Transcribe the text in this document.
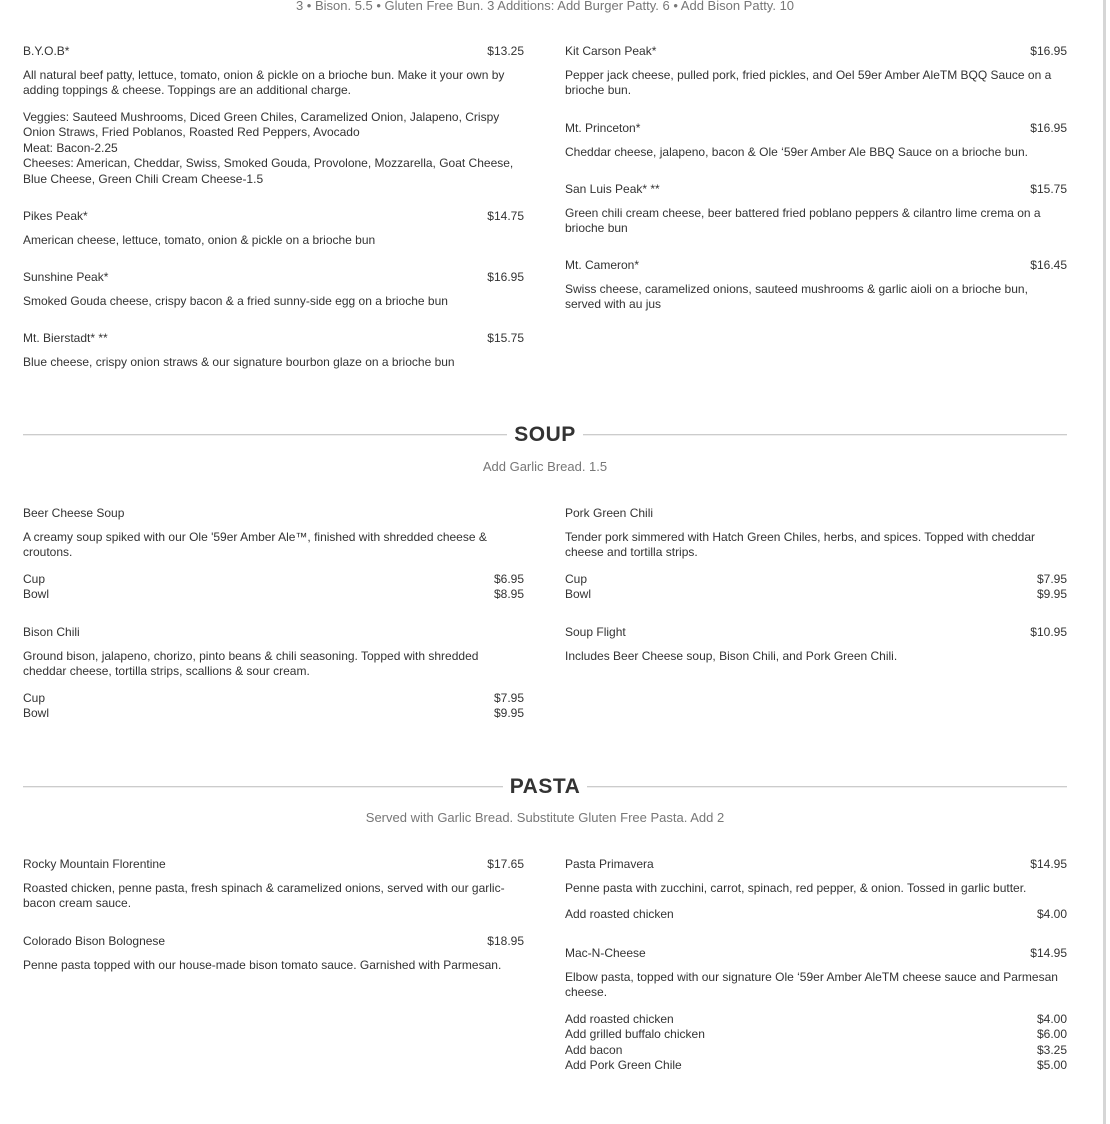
3 • Bison. 5.5 • Gluten Free Bun. 3 Additions: Add Burger Patty. 6 • Add Bison Patty. 10
B.Y.O.B*	$13.25
All natural beef patty, lettuce, tomato, onion & pickle on a brioche bun. Make it your own by adding toppings & cheese. Toppings are an additional charge.
Veggies: Sauteed Mushrooms, Diced Green Chiles, Caramelized Onion, Jalapeno, Crispy Onion Straws, Fried Poblanos, Roasted Red Peppers, Avocado
Meat: Bacon-2.25
Cheeses: American, Cheddar, Swiss, Smoked Gouda, Provolone, Mozzarella, Goat Cheese, Blue Cheese, Green Chili Cream Cheese-1.5
Pikes Peak*	$14.75
American cheese, lettuce, tomato, onion & pickle on a brioche bun
Sunshine Peak*	$16.95
Smoked Gouda cheese, crispy bacon & a fried sunny-side egg on a brioche bun
Mt. Bierstadt* **	$15.75
Blue cheese, crispy onion straws & our signature bourbon glaze on a brioche bun
Kit Carson Peak*	$16.95
Pepper jack cheese, pulled pork, fried pickles, and Oel 59er Amber AleTM BQQ Sauce on a brioche bun.
Mt. Princeton*	$16.95
Cheddar cheese, jalapeno, bacon & Ole ‘59er Amber Ale BBQ Sauce on a brioche bun.
San Luis Peak* **	$15.75
Green chili cream cheese, beer battered fried poblano peppers & cilantro lime crema on a brioche bun
Mt. Cameron*	$16.45
Swiss cheese, caramelized onions, sauteed mushrooms & garlic aioli on a brioche bun, served with au jus
SOUP
Add Garlic Bread. 1.5
Beer Cheese Soup
A creamy soup spiked with our Ole '59er Amber Ale™, finished with shredded cheese & croutons.
Cup	$6.95
Bowl	$8.95
Bison Chili
Ground bison, jalapeno, chorizo, pinto beans & chili seasoning. Topped with shredded cheddar cheese, tortilla strips, scallions & sour cream.
Cup	$7.95
Bowl	$9.95
Pork Green Chili
Tender pork simmered with Hatch Green Chiles, herbs, and spices. Topped with cheddar cheese and tortilla strips.
Cup	$7.95
Bowl	$9.95
Soup Flight	$10.95
Includes Beer Cheese soup, Bison Chili, and Pork Green Chili.
PASTA
Served with Garlic Bread. Substitute Gluten Free Pasta. Add 2
Rocky Mountain Florentine	$17.65
Roasted chicken, penne pasta, fresh spinach & caramelized onions, served with our garlic-bacon cream sauce.
Colorado Bison Bolognese	$18.95
Penne pasta topped with our house-made bison tomato sauce. Garnished with Parmesan.
Pasta Primavera	$14.95
Penne pasta with zucchini, carrot, spinach, red pepper, & onion. Tossed in garlic butter.
Add roasted chicken	$4.00
Mac-N-Cheese	$14.95
Elbow pasta, topped with our signature Ole ‘59er Amber AleTM cheese sauce and Parmesan cheese.
Add roasted chicken	$4.00
Add grilled buffalo chicken	$6.00
Add bacon	$3.25
Add Pork Green Chile	$5.00
